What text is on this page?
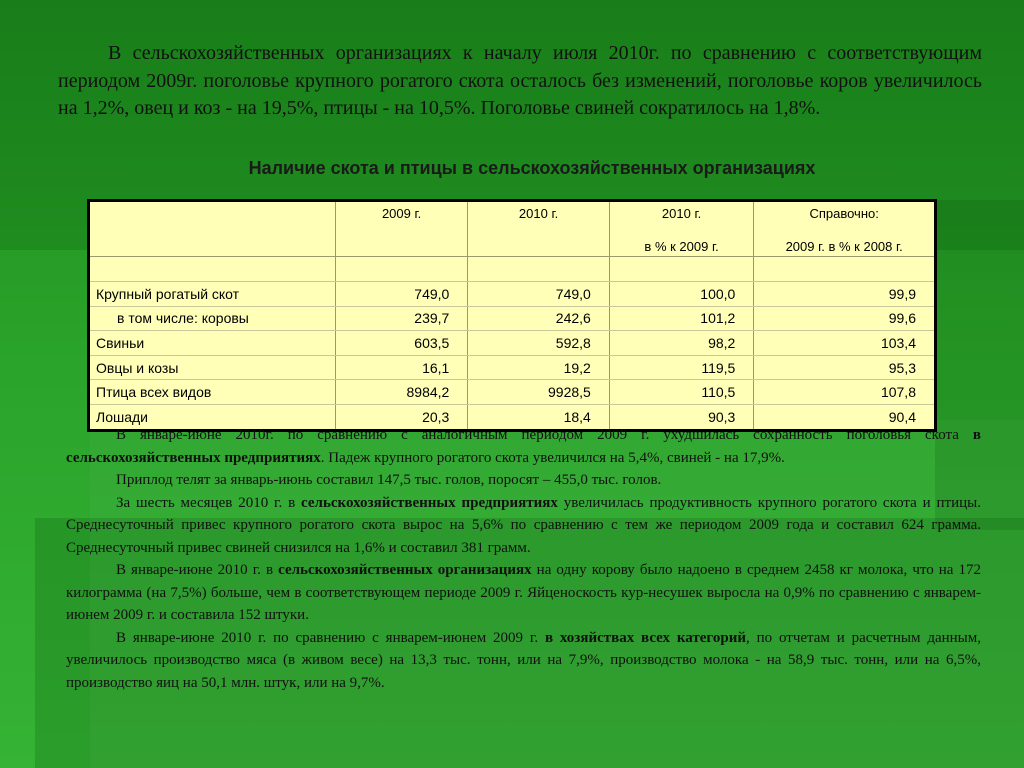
В сельскохозяйственных организациях к началу июля 2010г. по сравнению с соответствующим периодом 2009г. поголовье крупного рогатого скота осталось без изменений, поголовье коров увеличилось на 1,2%, овец и коз - на 19,5%, птицы - на 10,5%. Поголовье свиней сократилось на 1,8%.

Наличие скота и птицы в сельскохозяйственных организациях
	2009 г.	2010 г.	2010 г.	Справочно:
			в % к 2009 г.	2009 г. в % к 2008 г.

Крупный рогатый скот	749,0	749,0	100,0	99,9
в том числе: коровы	239,7	242,6	101,2	99,6
Свиньи	603,5	592,8	98,2	103,4
Овцы и козы	16,1	19,2	119,5	95,3
Птица всех видов	8984,2	9928,5	110,5	107,8
Лошади	20,3	18,4	90,3	90,4

В январе-июне 2010г. по сравнению с аналогичным периодом 2009 г. ухудшилась сохранность поголовья скота в сельскохозяйственных предприятиях. Падеж крупного рогатого скота увеличился на 5,4%, свиней - на 17,9%.

Приплод телят за январь-июнь составил 147,5 тыс. голов, поросят – 455,0 тыс. голов.

За шесть месяцев 2010 г. в сельскохозяйственных предприятиях увеличилась продуктивность крупного рогатого скота и птицы. Среднесуточный привес крупного рогатого скота вырос на 5,6% по сравнению с тем же периодом 2009 года и составил 624 грамма. Среднесуточный привес свиней снизился на 1,6% и составил 381 грамм.

В январе-июне 2010 г. в сельскохозяйственных организациях на одну корову было надоено в среднем 2458 кг молока, что на 172 килограмма (на 7,5%) больше, чем в соответствующем периоде 2009 г. Яйценоскость кур-несушек выросла на 0,9% по сравнению с январем-июнем 2009 г. и составила 152 штуки.

В январе-июне 2010 г. по сравнению с январем-июнем 2009 г. в хозяйствах всех категорий, по отчетам и расчетным данным, увеличилось производство мяса (в живом весе) на 13,3 тыс. тонн, или на 7,9%, производство молока - на 58,9 тыс. тонн, или на 6,5%, производство яиц на 50,1 млн. штук, или на 9,7%.
